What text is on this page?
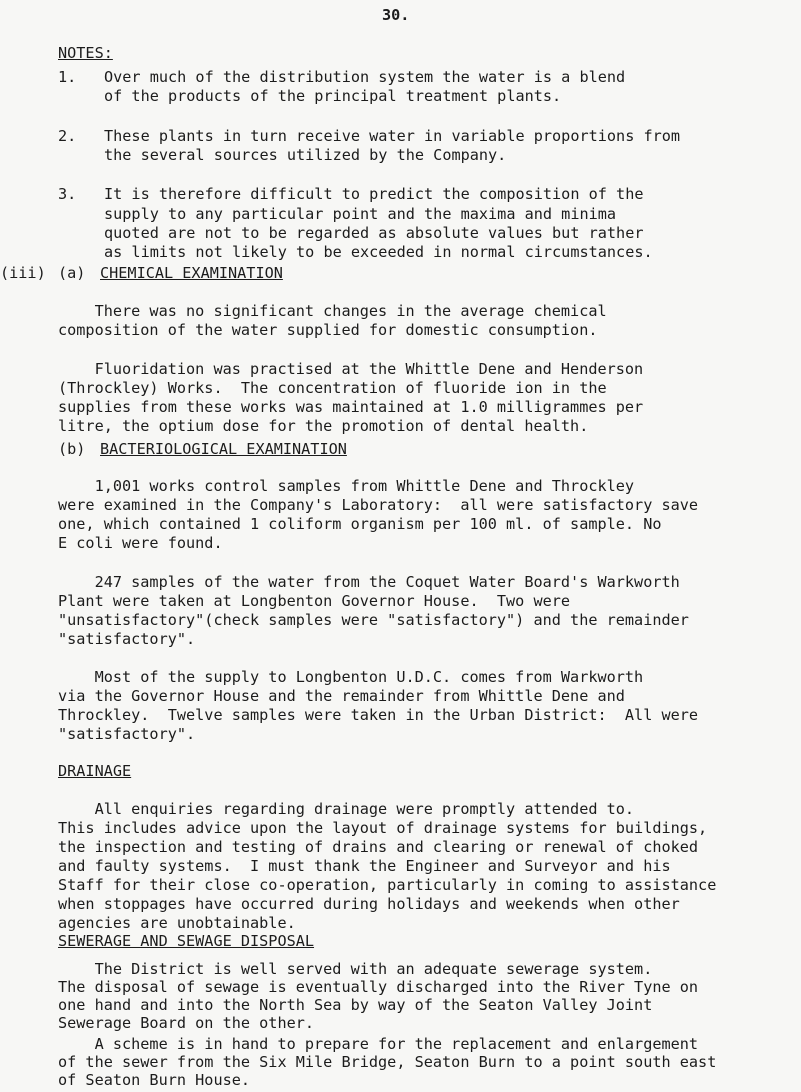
30.
NOTES:
1. Over much of the distribution system the water is a blend
of the products of the principal treatment plants.
2. These plants in turn receive water in variable proportions from
the several sources utilized by the Company.
3. It is therefore difficult to predict the composition of the
supply to any particular point and the maxima and minima
quoted are not to be regarded as absolute values but rather
as limits not likely to be exceeded in normal circumstances.
(iii) (a) CHEMICAL EXAMINATION
There was no significant changes in the average chemical
composition of the water supplied for domestic consumption.
Fluoridation was practised at the Whittle Dene and Henderson
(Throckley) Works.  The concentration of fluoride ion in the
supplies from these works was maintained at 1.0 milligrammes per
litre, the optium dose for the promotion of dental health.
(b) BACTERIOLOGICAL EXAMINATION
1,001 works control samples from Whittle Dene and Throckley
were examined in the Company's Laboratory:  all were satisfactory save
one, which contained 1 coliform organism per 100 ml. of sample. No
E coli were found.
247 samples of the water from the Coquet Water Board's Warkworth
Plant were taken at Longbenton Governor House.  Two were
"unsatisfactory"(check samples were "satisfactory") and the remainder
"satisfactory".
Most of the supply to Longbenton U.D.C. comes from Warkworth
via the Governor House and the remainder from Whittle Dene and
Throckley.  Twelve samples were taken in the Urban District:  All were
"satisfactory".
DRAINAGE
All enquiries regarding drainage were promptly attended to.
This includes advice upon the layout of drainage systems for buildings,
the inspection and testing of drains and clearing or renewal of choked
and faulty systems.  I must thank the Engineer and Surveyor and his
Staff for their close co-operation, particularly in coming to assistance
when stoppages have occurred during holidays and weekends when other
agencies are unobtainable.
SEWERAGE AND SEWAGE DISPOSAL
The District is well served with an adequate sewerage system.
The disposal of sewage is eventually discharged into the River Tyne on
one hand and into the North Sea by way of the Seaton Valley Joint
Sewerage Board on the other.
A scheme is in hand to prepare for the replacement and enlargement
of the sewer from the Six Mile Bridge, Seaton Burn to a point south east
of Seaton Burn House.
